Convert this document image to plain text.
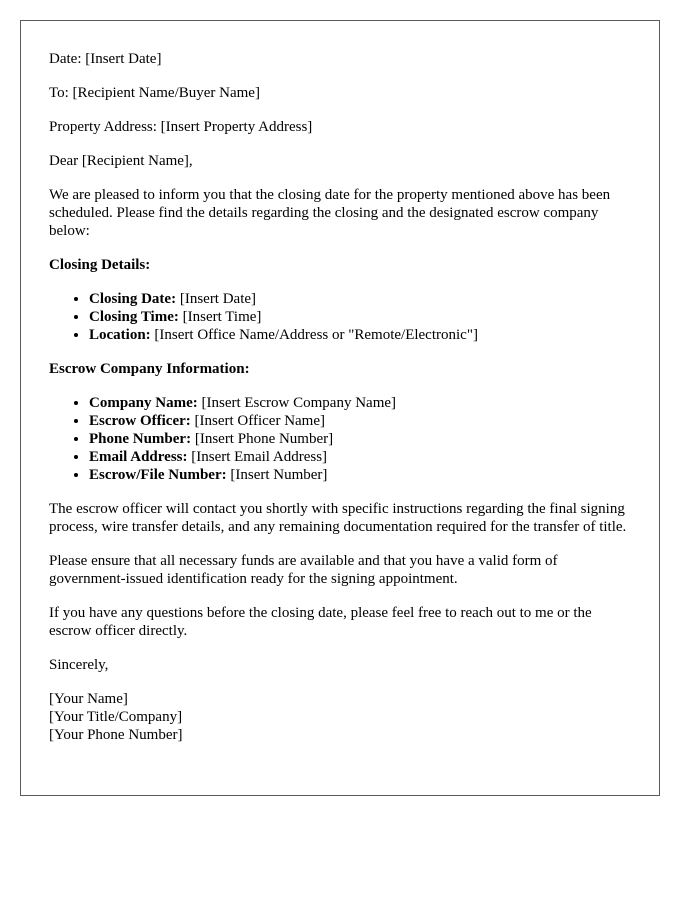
Date: [Insert Date]

To: [Recipient Name/Buyer Name]

Property Address: [Insert Property Address]

Dear [Recipient Name],

We are pleased to inform you that the closing date for the property mentioned above has been scheduled. Please find the details regarding the closing and the designated escrow company below:

Closing Details:
• Closing Date: [Insert Date]
• Closing Time: [Insert Time]
• Location: [Insert Office Name/Address or "Remote/Electronic"]
Escrow Company Information:
• Company Name: [Insert Escrow Company Name]
• Escrow Officer: [Insert Officer Name]
• Phone Number: [Insert Phone Number]
• Email Address: [Insert Email Address]
• Escrow/File Number: [Insert Number]

The escrow officer will contact you shortly with specific instructions regarding the final signing process, wire transfer details, and any remaining documentation required for the transfer of title.

Please ensure that all necessary funds are available and that you have a valid form of government-issued identification ready for the signing appointment.

If you have any questions before the closing date, please feel free to reach out to me or the escrow officer directly.

Sincerely,

[Your Name]
[Your Title/Company]
[Your Phone Number]
